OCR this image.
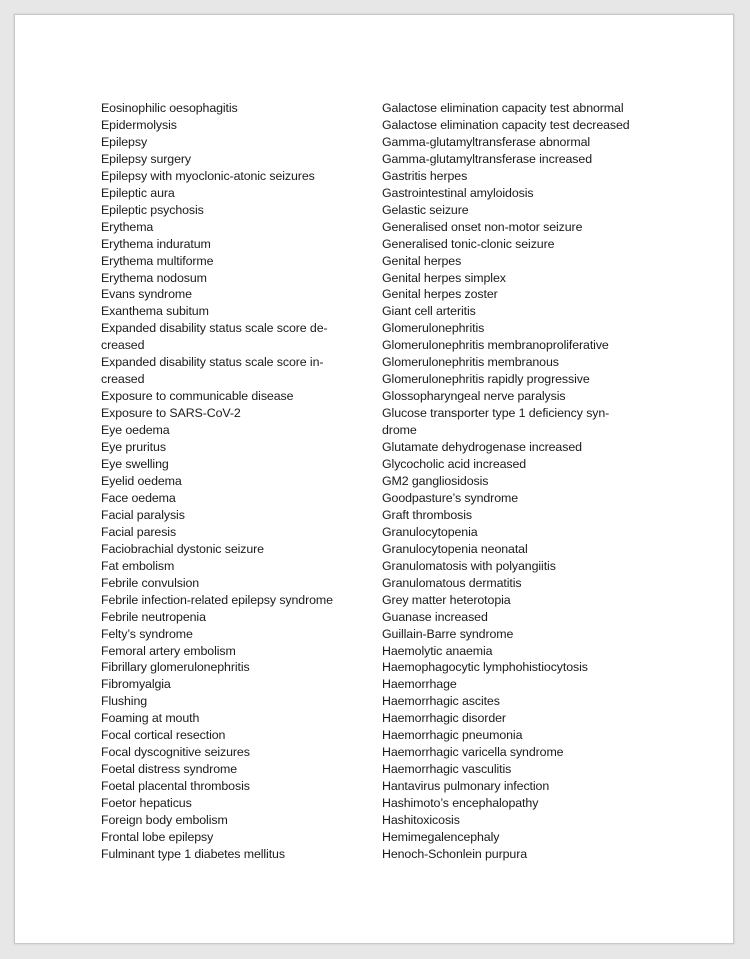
Eosinophilic oesophagitis
Epidermolysis
Epilepsy
Epilepsy surgery
Epilepsy with myoclonic-atonic seizures
Epileptic aura
Epileptic psychosis
Erythema
Erythema induratum
Erythema multiforme
Erythema nodosum
Evans syndrome
Exanthema subitum
Expanded disability status scale score de-
creased
Expanded disability status scale score in-
creased
Exposure to communicable disease
Exposure to SARS-CoV-2
Eye oedema
Eye pruritus
Eye swelling
Eyelid oedema
Face oedema
Facial paralysis
Facial paresis
Faciobrachial dystonic seizure
Fat embolism
Febrile convulsion
Febrile infection-related epilepsy syndrome
Febrile neutropenia
Felty’s syndrome
Femoral artery embolism
Fibrillary glomerulonephritis
Fibromyalgia
Flushing
Foaming at mouth
Focal cortical resection
Focal dyscognitive seizures
Foetal distress syndrome
Foetal placental thrombosis
Foetor hepaticus
Foreign body embolism
Frontal lobe epilepsy
Fulminant type 1 diabetes mellitus
Galactose elimination capacity test abnormal
Galactose elimination capacity test decreased
Gamma-glutamyltransferase abnormal
Gamma-glutamyltransferase increased
Gastritis herpes
Gastrointestinal amyloidosis
Gelastic seizure
Generalised onset non-motor seizure
Generalised tonic-clonic seizure
Genital herpes
Genital herpes simplex
Genital herpes zoster
Giant cell arteritis
Glomerulonephritis
Glomerulonephritis membranoproliferative
Glomerulonephritis membranous
Glomerulonephritis rapidly progressive
Glossopharyngeal nerve paralysis
Glucose transporter type 1 deficiency syn-
drome
Glutamate dehydrogenase increased
Glycocholic acid increased
GM2 gangliosidosis
Goodpasture’s syndrome
Graft thrombosis
Granulocytopenia
Granulocytopenia neonatal
Granulomatosis with polyangiitis
Granulomatous dermatitis
Grey matter heterotopia
Guanase increased
Guillain-Barre syndrome
Haemolytic anaemia
Haemophagocytic lymphohistiocytosis
Haemorrhage
Haemorrhagic ascites
Haemorrhagic disorder
Haemorrhagic pneumonia
Haemorrhagic varicella syndrome
Haemorrhagic vasculitis
Hantavirus pulmonary infection
Hashimoto’s encephalopathy
Hashitoxicosis
Hemimegalencephaly
Henoch-Schonlein purpura
